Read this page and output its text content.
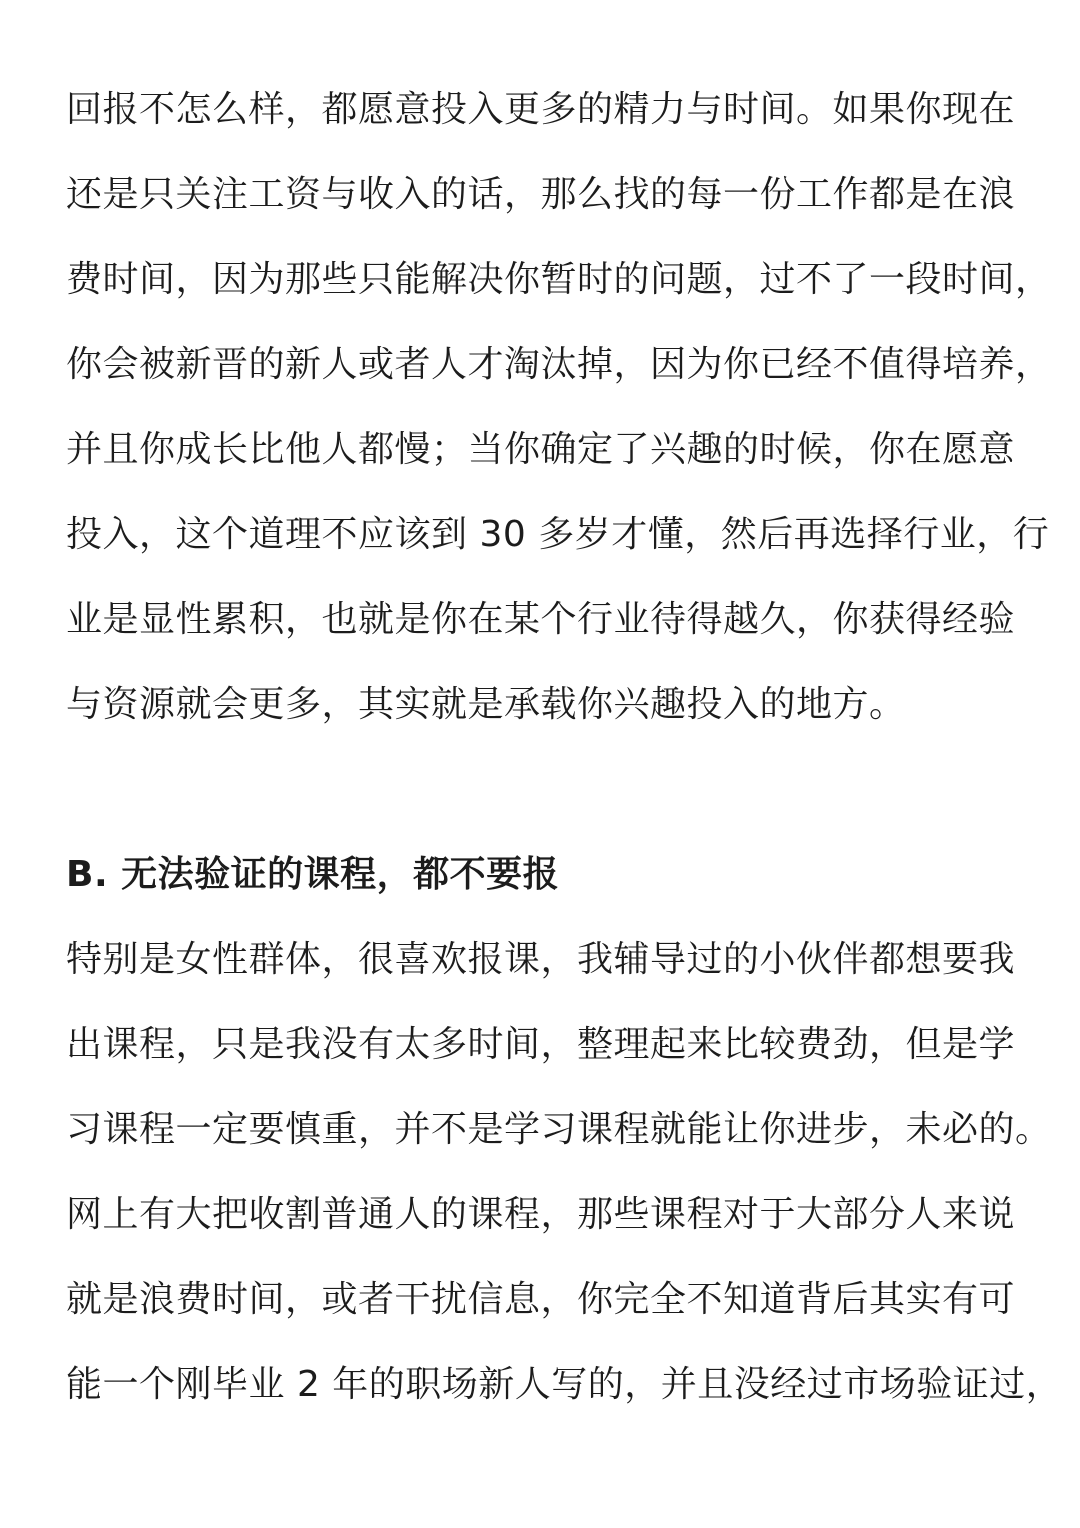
回报不怎么样，都愿意投入更多的精力与时间。如果你现在
还是只关注工资与收入的话，那么找的每一份工作都是在浪
费时间，因为那些只能解决你暂时的问题，过不了一段时间，
你会被新晋的新人或者人才淘汰掉，因为你已经不值得培养，
并且你成长比他人都慢；当你确定了兴趣的时候，你在愿意
投入，这个道理不应该到 30 多岁才懂，然后再选择行业，行
业是显性累积，也就是你在某个行业待得越久，你获得经验
与资源就会更多，其实就是承载你兴趣投入的地方。
B. 无法验证的课程，都不要报
特别是女性群体，很喜欢报课，我辅导过的小伙伴都想要我
出课程，只是我没有太多时间，整理起来比较费劲，但是学
习课程一定要慎重，并不是学习课程就能让你进步，未必的。
网上有大把收割普通人的课程，那些课程对于大部分人来说
就是浪费时间，或者干扰信息，你完全不知道背后其实有可
能一个刚毕业 2 年的职场新人写的，并且没经过市场验证过，
